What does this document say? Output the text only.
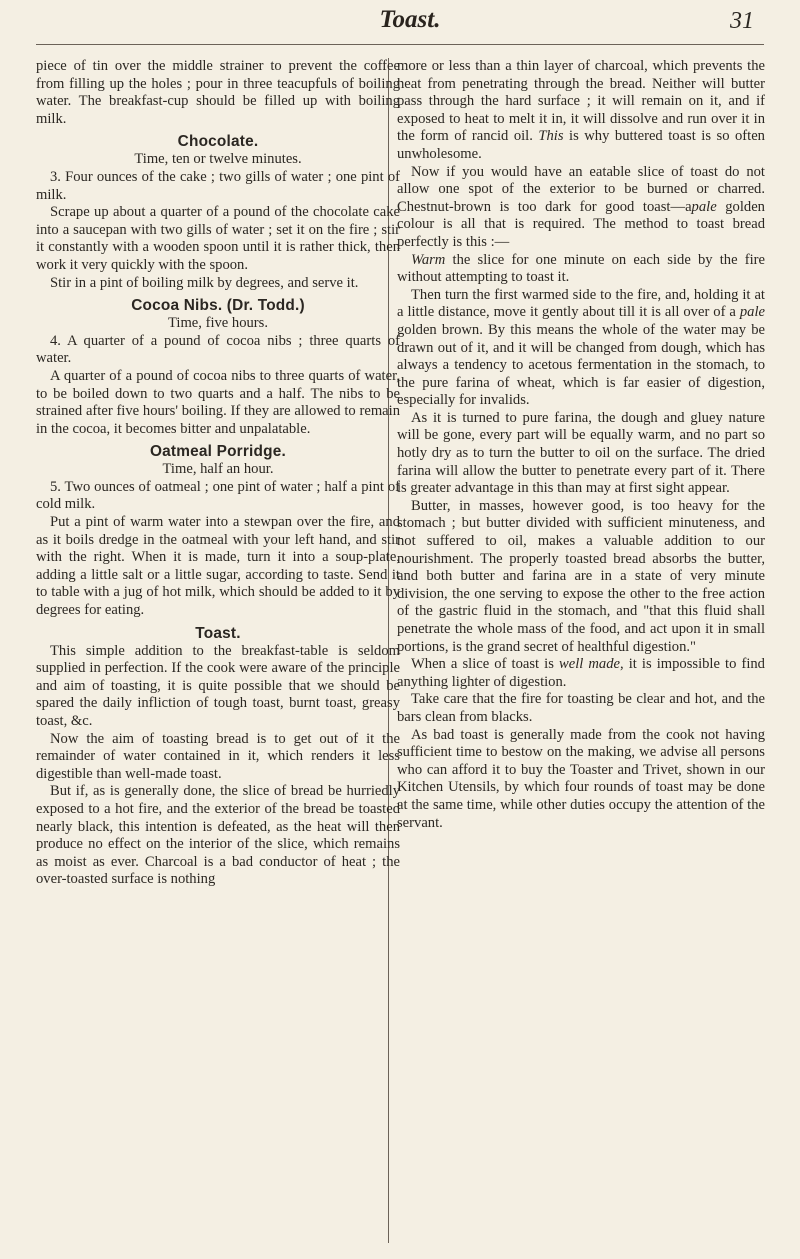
Toast.	31

piece of tin over the middle strainer to prevent the coffee from filling up the holes ; pour in three teacupfuls of boiling water. The breakfast-cup should be filled up with boiling milk.

Chocolate.

Time, ten or twelve minutes.

3. Four ounces of the cake ; two gills of water ; one pint of milk.

Scrape up about a quarter of a pound of the chocolate cake into a saucepan with two gills of water ; set it on the fire ; stir it constantly with a wooden spoon until it is rather thick, then work it very quickly with the spoon.

Stir in a pint of boiling milk by degrees, and serve it.

Cocoa Nibs. (Dr. Todd.)

Time, five hours.

4. A quarter of a pound of cocoa nibs ; three quarts of water.

A quarter of a pound of cocoa nibs to three quarts of water, to be boiled down to two quarts and a half. The nibs to be strained after five hours' boiling. If they are allowed to remain in the cocoa, it becomes bitter and unpalatable.

Oatmeal Porridge.

Time, half an hour.

5. Two ounces of oatmeal ; one pint of water ; half a pint of cold milk.

Put a pint of warm water into a stewpan over the fire, and as it boils dredge in the oatmeal with your left hand, and stir with the right. When it is made, turn it into a soup-plate, adding a little salt or a little sugar, according to taste. Send it to table with a jug of hot milk, which should be added to it by degrees for eating.

Toast.

This simple addition to the breakfast-table is seldom supplied in perfection. If the cook were aware of the principle and aim of toasting, it is quite possible that we should be spared the daily infliction of tough toast, burnt toast, greasy toast, &c.

Now the aim of toasting bread is to get out of it the remainder of water contained in it, which renders it less digestible than well-made toast.

But if, as is generally done, the slice of bread be hurriedly exposed to a hot fire, and the exterior of the bread be toasted nearly black, this intention is defeated, as the heat will then produce no effect on the interior of the slice, which remains as moist as ever. Charcoal is a bad conductor of heat ; the over-toasted surface is nothing

more or less than a thin layer of charcoal, which prevents the heat from penetrating through the bread. Neither will butter pass through the hard surface ; it will remain on it, and if exposed to heat to melt it in, it will dissolve and run over it in the form of rancid oil. This is why buttered toast is so often unwholesome.

Now if you would have an eatable slice of toast do not allow one spot of the exterior to be burned or charred. Chestnut-brown is too dark for good toast—apale golden colour is all that is required. The method to toast bread perfectly is this :—

Warm the slice for one minute on each side by the fire without attempting to toast it.

Then turn the first warmed side to the fire, and, holding it at a little distance, move it gently about till it is all over of a pale golden brown. By this means the whole of the water may be drawn out of it, and it will be changed from dough, which has always a tendency to acetous fermentation in the stomach, to the pure farina of wheat, which is far easier of digestion, especially for invalids.

As it is turned to pure farina, the dough and gluey nature will be gone, every part will be equally warm, and no part so hotly dry as to turn the butter to oil on the surface. The dried farina will allow the butter to penetrate every part of it. There is greater advantage in this than may at first sight appear.

Butter, in masses, however good, is too heavy for the stomach ; but butter divided with sufficient minuteness, and not suffered to oil, makes a valuable addition to our nourishment. The properly toasted bread absorbs the butter, and both butter and farina are in a state of very minute division, the one serving to expose the other to the free action of the gastric fluid in the stomach, and "that this fluid shall penetrate the whole mass of the food, and act upon it in small portions, is the grand secret of healthful digestion."

When a slice of toast is well made, it is impossible to find anything lighter of digestion.

Take care that the fire for toasting be clear and hot, and the bars clean from blacks.

As bad toast is generally made from the cook not having sufficient time to bestow on the making, we advise all persons who can afford it to buy the Toaster and Trivet, shown in our Kitchen Utensils, by which four rounds of toast may be done at the same time, while other duties occupy the attention of the servant.
